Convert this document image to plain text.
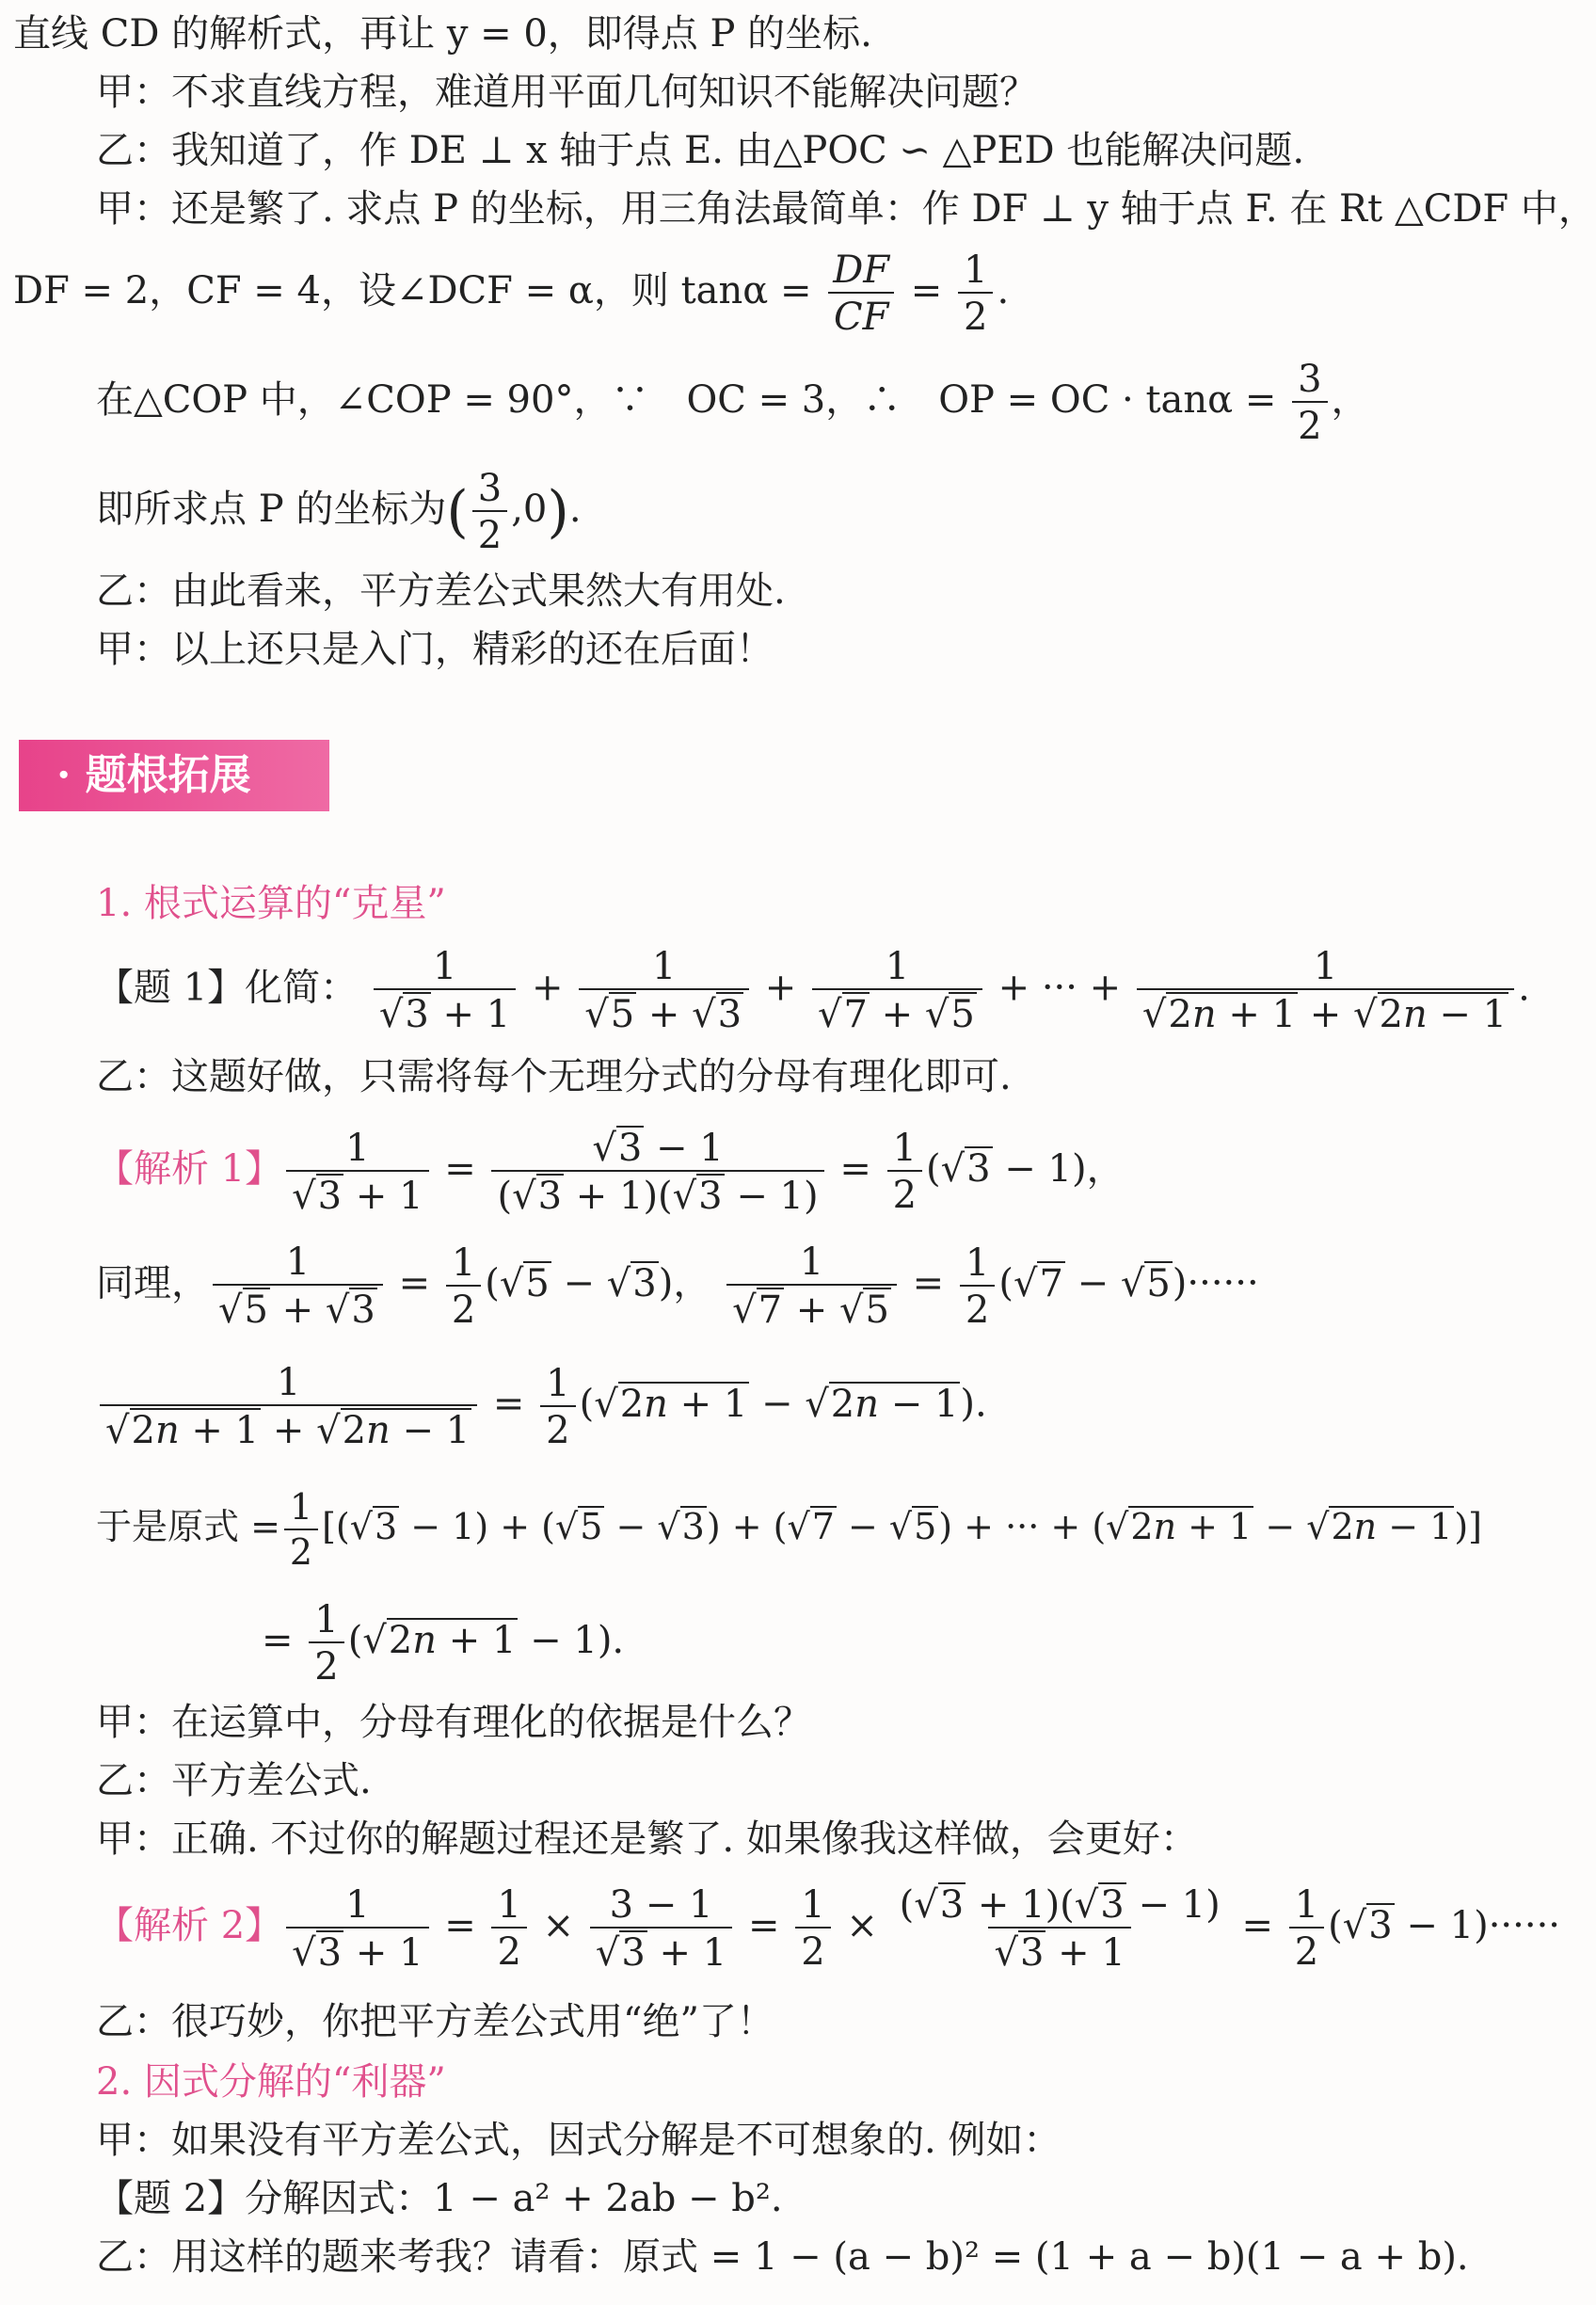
直线 CD 的解析式，再让 y = 0，即得点 P 的坐标.
甲：不求直线方程，难道用平面几何知识不能解决问题？
乙：我知道了，作 DE ⊥ x 轴于点 E. 由△POC ∽ △PED 也能解决问题.
甲：还是繁了. 求点 P 的坐标，用三角法最简单：作 DF ⊥ y 轴于点 F. 在 Rt △CDF 中，
DF = 2，CF = 4，设∠DCF = α，则 $\tan\alpha = \frac{DF}{CF} = \frac{1}{2}$ .
在△COP 中，∠COP = 90°，∵　OC = 3，∴　OP = OC · $\tan\alpha = \frac{3}{2}$ ，
即所求点 P 的坐标为( $\frac{3}{2} ,0$).
乙：由此看来，平方差公式果然大有用处.
甲：以上还只是入门，精彩的还在后面！
· 题根拓展
1. 根式运算的“克星”
【题 1】化简： $\frac{1}{√3 + 1} + \frac{1}{√5 + √3} + \frac{1}{√7 + √5}$ + ··· + $\frac{1}{√2n + 1 + √2n - 1}$ .
乙：这题好做，只需将每个无理分式的分母有理化即可.
【解析 1】 $\frac{1}{√3 + 1} = \frac{√3 - 1}{(√3 + 1)(√3 - 1)} = \frac{1}{2} (√3 - 1)$，
同理， $\frac{1}{√5 + √3} = \frac{1}{2} (√5 - √3)$， $\frac{1}{√7 + √5} = \frac{1}{2} (√7 - √5)\cdot\cdot\cdot\cdot\cdot\cdot$
$\frac{1}{√2n + 1 + √2n - 1} = \frac{1}{2} (√2n + 1 - √2n - 1)$.
于是原式 = $\frac{1}{2} [(√3 - 1) + (√5 - √3) + (√7 - √5)$ + ··· + (√2n + 1 − √2n − 1)]
= $\frac{1}{2} (√2n + 1 - 1)$.
甲：在运算中，分母有理化的依据是什么？
乙：平方差公式.
甲：正确. 不过你的解题过程还是繁了. 如果像我这样做，会更好：
【解析 2】 $\frac{1}{√3 + 1} = \frac{1}{2} \times \frac{3 - 1}{√3 + 1} = \frac{1}{2} \times \frac{(√3 + 1)(√3 - 1)}{√3 + 1} = \frac{1}{2} (√3 - 1)\cdot\cdot\cdot\cdot\cdot\cdot$
乙：很巧妙，你把平方差公式用“绝”了！
2. 因式分解的“利器”
甲：如果没有平方差公式，因式分解是不可想象的. 例如：
【题 2】分解因式：1 − a² + 2ab − b².
乙：用这样的题来考我？请看：原式 = 1 − (a − b)² = (1 + a − b)(1 − a + b).
